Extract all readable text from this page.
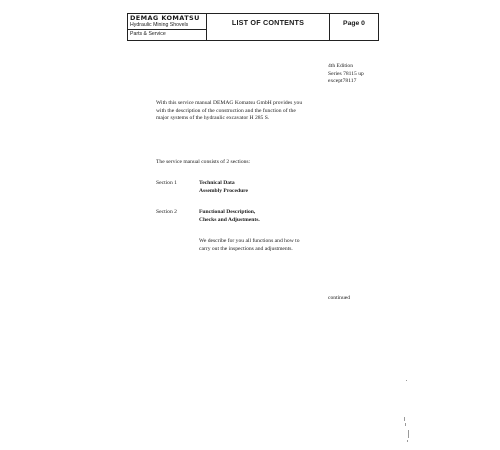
DEMAG KOMATSU
Hydraulic Mining Shovels
Parts & Service
LIST OF CONTENTS	Page 0
4th Edition
Series 78115 up
except78117
With this service manual DEMAG Komatsu GmbH provides you
with the description of the construction and the function of the
major systems of the hydraulic excavator H 285 S.
The service manual consists of 2 sections:
Section 1	Technical Data
Assembly Procedure
Section 2	Functional Description,
Checks and Adjustments.
We describe for you all functions and how to
carry out the inspections and adjustments.
continued
